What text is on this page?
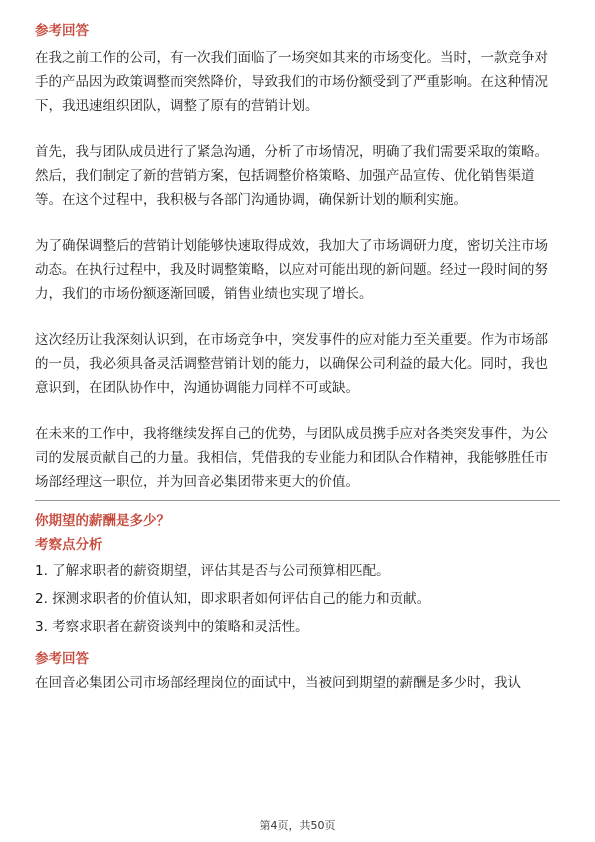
参考回答

在我之前工作的公司，有一次我们面临了一场突如其来的市场变化。当时，一款竞争对手的产品因为政策调整而突然降价，导致我们的市场份额受到了严重影响。在这种情况下，我迅速组织团队，调整了原有的营销计划。

首先，我与团队成员进行了紧急沟通，分析了市场情况，明确了我们需要采取的策略。然后，我们制定了新的营销方案，包括调整价格策略、加强产品宣传、优化销售渠道等。在这个过程中，我积极与各部门沟通协调，确保新计划的顺利实施。

为了确保调整后的营销计划能够快速取得成效，我加大了市场调研力度，密切关注市场动态。在执行过程中，我及时调整策略，以应对可能出现的新问题。经过一段时间的努力，我们的市场份额逐渐回暖，销售业绩也实现了增长。

这次经历让我深刻认识到，在市场竞争中，突发事件的应对能力至关重要。作为市场部的一员，我必须具备灵活调整营销计划的能力，以确保公司利益的最大化。同时，我也意识到，在团队协作中，沟通协调能力同样不可或缺。

在未来的工作中，我将继续发挥自己的优势，与团队成员携手应对各类突发事件，为公司的发展贡献自己的力量。我相信，凭借我的专业能力和团队合作精神，我能够胜任市场部经理这一职位，并为回音必集团带来更大的价值。

你期望的薪酬是多少？

考察点分析

1. 了解求职者的薪资期望，评估其是否与公司预算相匹配。

2. 探测求职者的价值认知，即求职者如何评估自己的能力和贡献。

3. 考察求职者在薪资谈判中的策略和灵活性。

参考回答

在回音必集团公司市场部经理岗位的面试中，当被问到期望的薪酬是多少时，我认

第4页，共50页
